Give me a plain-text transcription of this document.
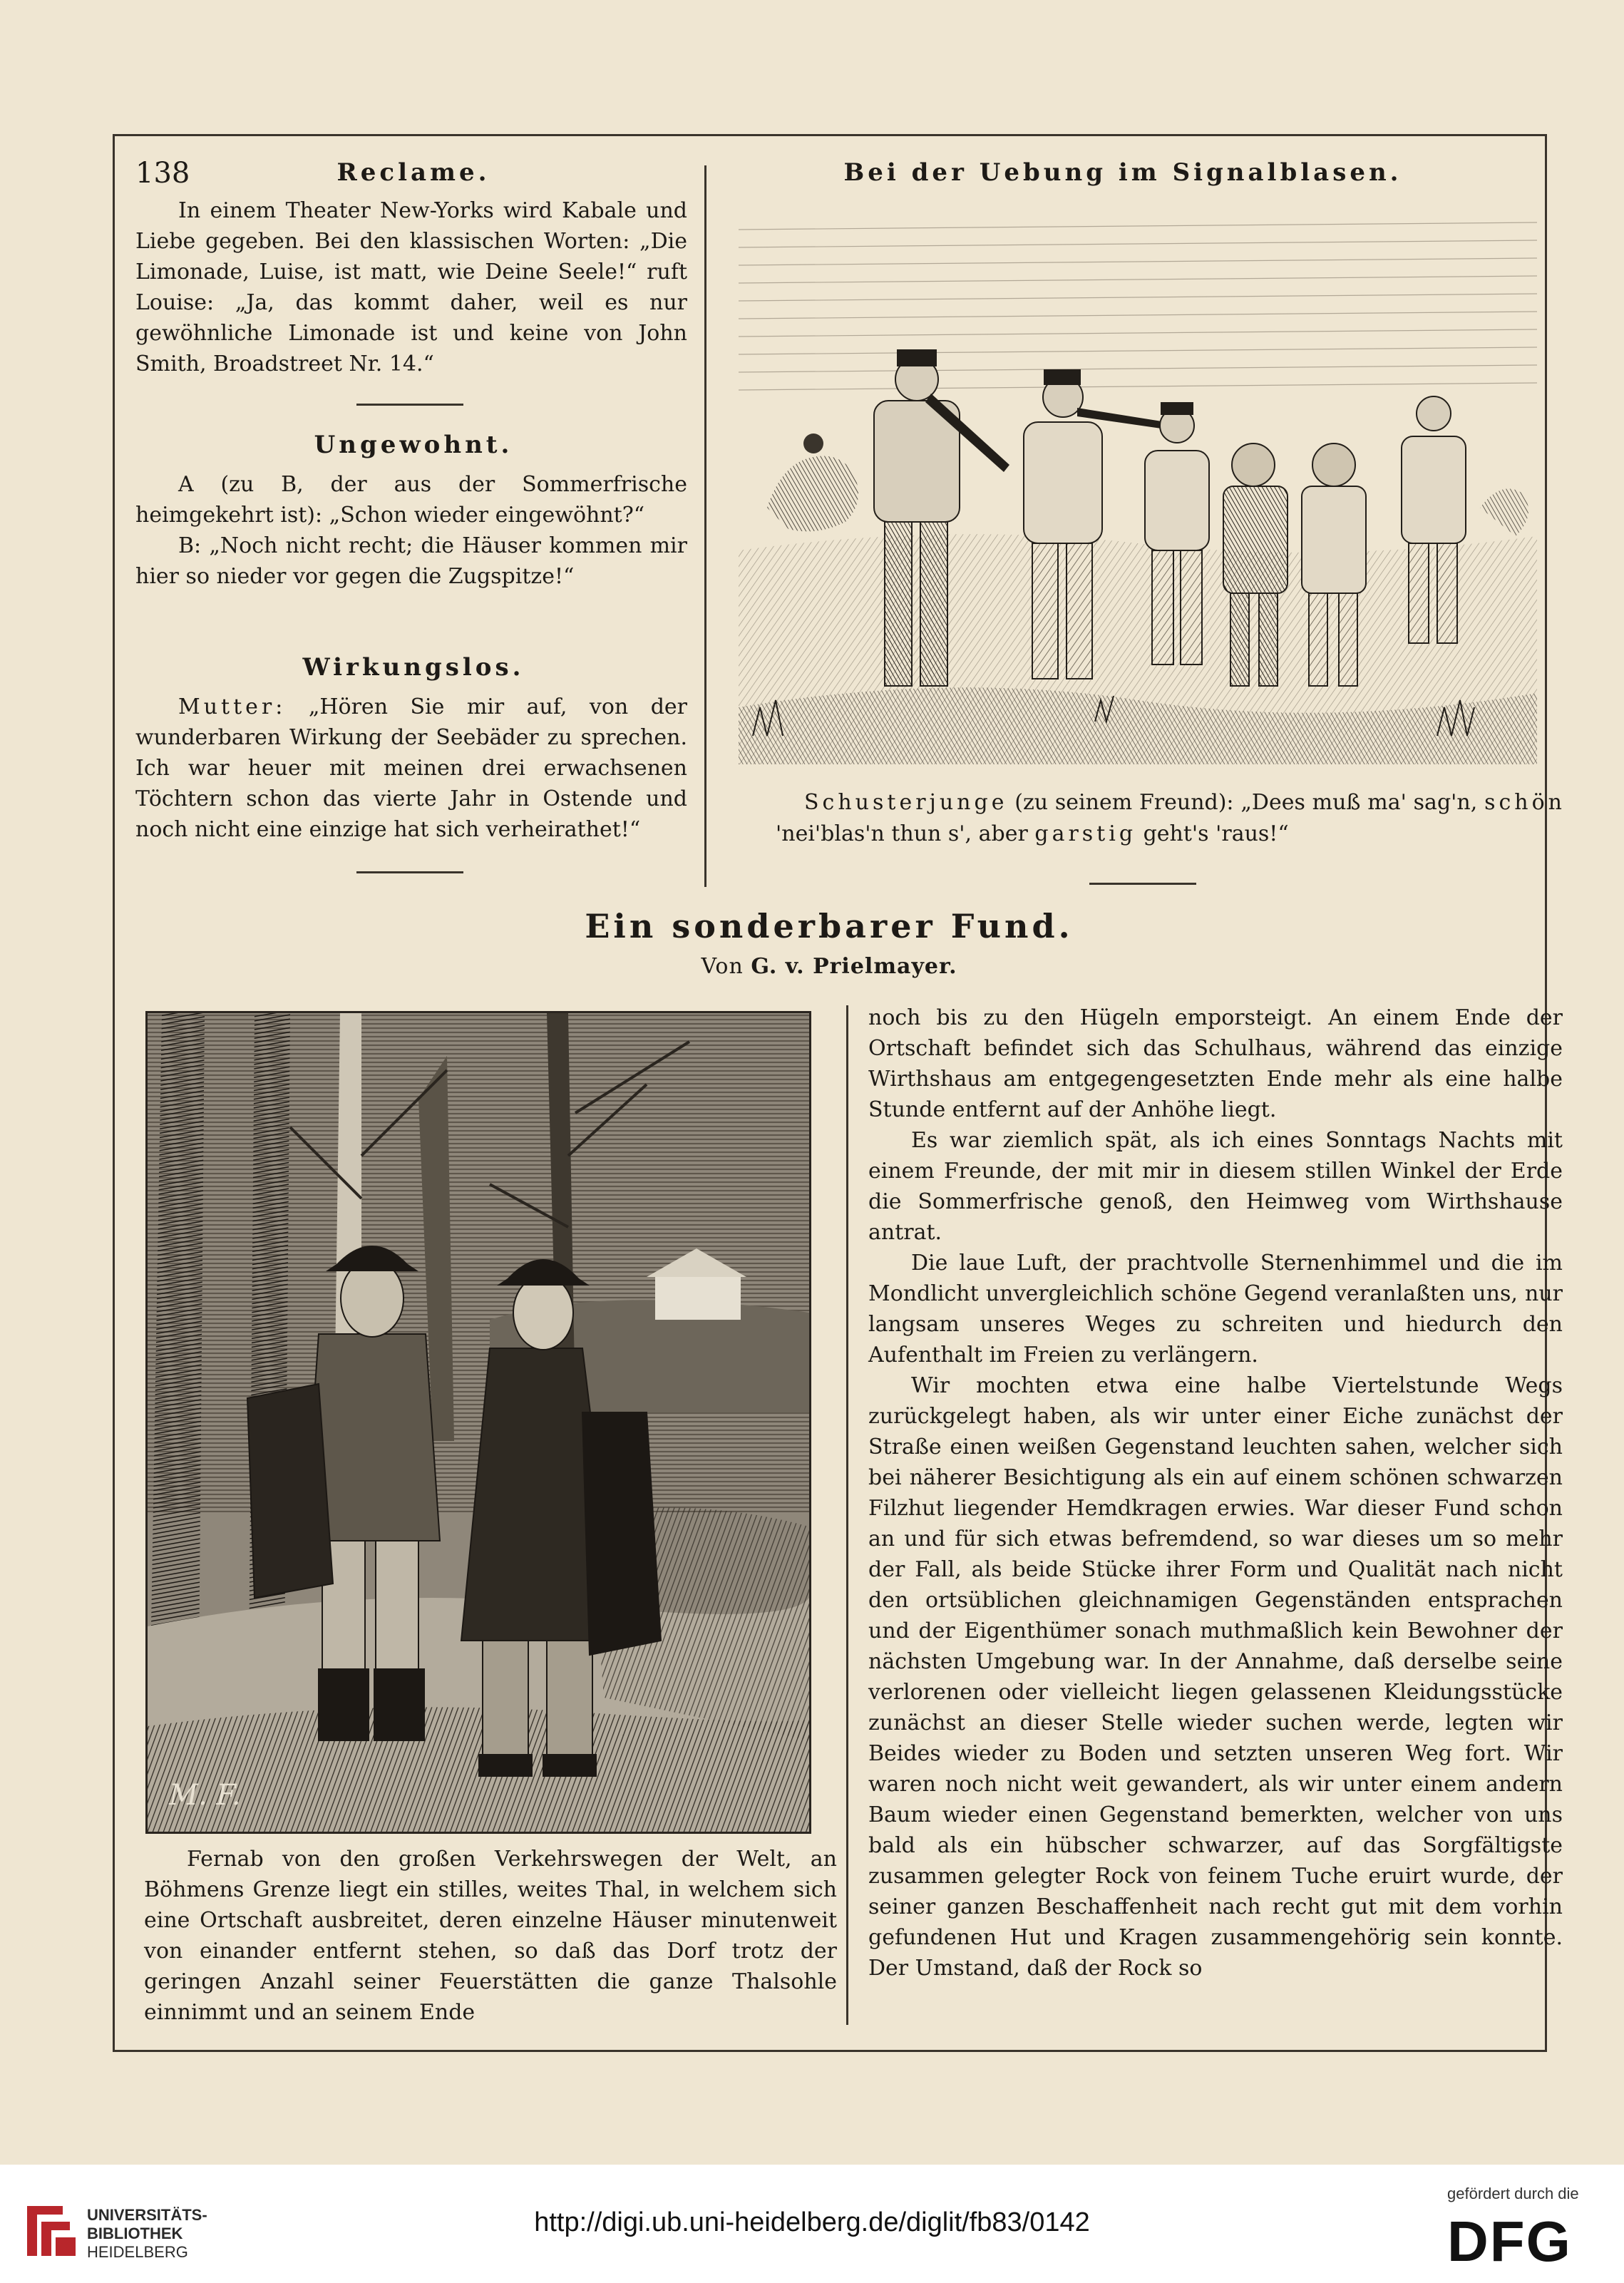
138	Reclame.

In einem Theater New-Yorks wird Kabale und Liebe gegeben. Bei den klassischen Worten: „Die Limonade, Luise, ist matt, wie Deine Seele!“ ruft Louise: „Ja, das kommt daher, weil es nur gewöhnliche Limonade ist und keine von John Smith, Broadstreet Nr. 14.“

Ungewohnt.

A (zu B, der aus der Sommerfrische heimgekehrt ist): „Schon wieder eingewöhnt?“

B: „Noch nicht recht; die Häuser kommen mir hier so nieder vor gegen die Zugspitze!“

Wirkungslos.

Mutter: „Hören Sie mir auf, von der wunderbaren Wirkung der Seebäder zu sprechen. Ich war heuer mit meinen drei erwachsenen Töchtern schon das vierte Jahr in Ostende und noch nicht eine einzige hat sich verheirathet!“

Bei der Uebung im Signalblasen.
Schusterjunge (zu seinem Freund): „Dees muß ma' sag'n, schön 'nei'blas'n thun s', aber garstig geht's 'raus!“
Ein sonderbarer Fund.
Von G. v. Prielmayer.
M. F.

Fernab von den großen Verkehrswegen der Welt, an Böhmens Grenze liegt ein stilles, weites Thal, in welchem sich eine Ortschaft ausbreitet, deren einzelne Häuser minutenweit von einander entfernt stehen, so daß das Dorf trotz der geringen Anzahl seiner Feuerstätten die ganze Thalsohle einnimmt und an seinem Ende

noch bis zu den Hügeln emporsteigt. An einem Ende der Ortschaft befindet sich das Schulhaus, während das einzige Wirthshaus am entgegengesetzten Ende mehr als eine halbe Stunde entfernt auf der Anhöhe liegt.

Es war ziemlich spät, als ich eines Sonntags Nachts mit einem Freunde, der mit mir in diesem stillen Winkel der Erde die Sommerfrische genoß, den Heimweg vom Wirthshause antrat.

Die laue Luft, der prachtvolle Sternenhimmel und die im Mondlicht unvergleichlich schöne Gegend veranlaßten uns, nur langsam unseres Weges zu schreiten und hiedurch den Aufenthalt im Freien zu verlängern.

Wir mochten etwa eine halbe Viertelstunde Wegs zurückgelegt haben, als wir unter einer Eiche zunächst der Straße einen weißen Gegenstand leuchten sahen, welcher sich bei näherer Besichtigung als ein auf einem schönen schwarzen Filzhut liegender Hemdkragen erwies. War dieser Fund schon an und für sich etwas befremdend, so war dieses um so mehr der Fall, als beide Stücke ihrer Form und Qualität nach nicht den ortsüblichen gleichnamigen Gegenständen entsprachen und der Eigenthümer sonach muthmaßlich kein Bewohner der nächsten Umgebung war. In der Annahme, daß derselbe seine verlorenen oder vielleicht liegen gelassenen Kleidungsstücke zunächst an dieser Stelle wieder suchen werde, legten wir Beides wieder zu Boden und setzten unseren Weg fort. Wir waren noch nicht weit gewandert, als wir unter einem andern Baum wieder einen Gegenstand bemerkten, welcher von uns bald als ein hübscher schwarzer, auf das Sorgfältigste zusammen gelegter Rock von feinem Tuche eruirt wurde, der seiner ganzen Beschaffenheit nach recht gut mit dem vorhin gefundenen Hut und Kragen zusammengehörig sein konnte. Der Umstand, daß der Rock so

UNIVERSITÄTS-
BIBLIOTHEK
HEIDELBERG
http://digi.ub.uni-heidelberg.de/diglit/fb83/0142
gefördert durch die
DFG
